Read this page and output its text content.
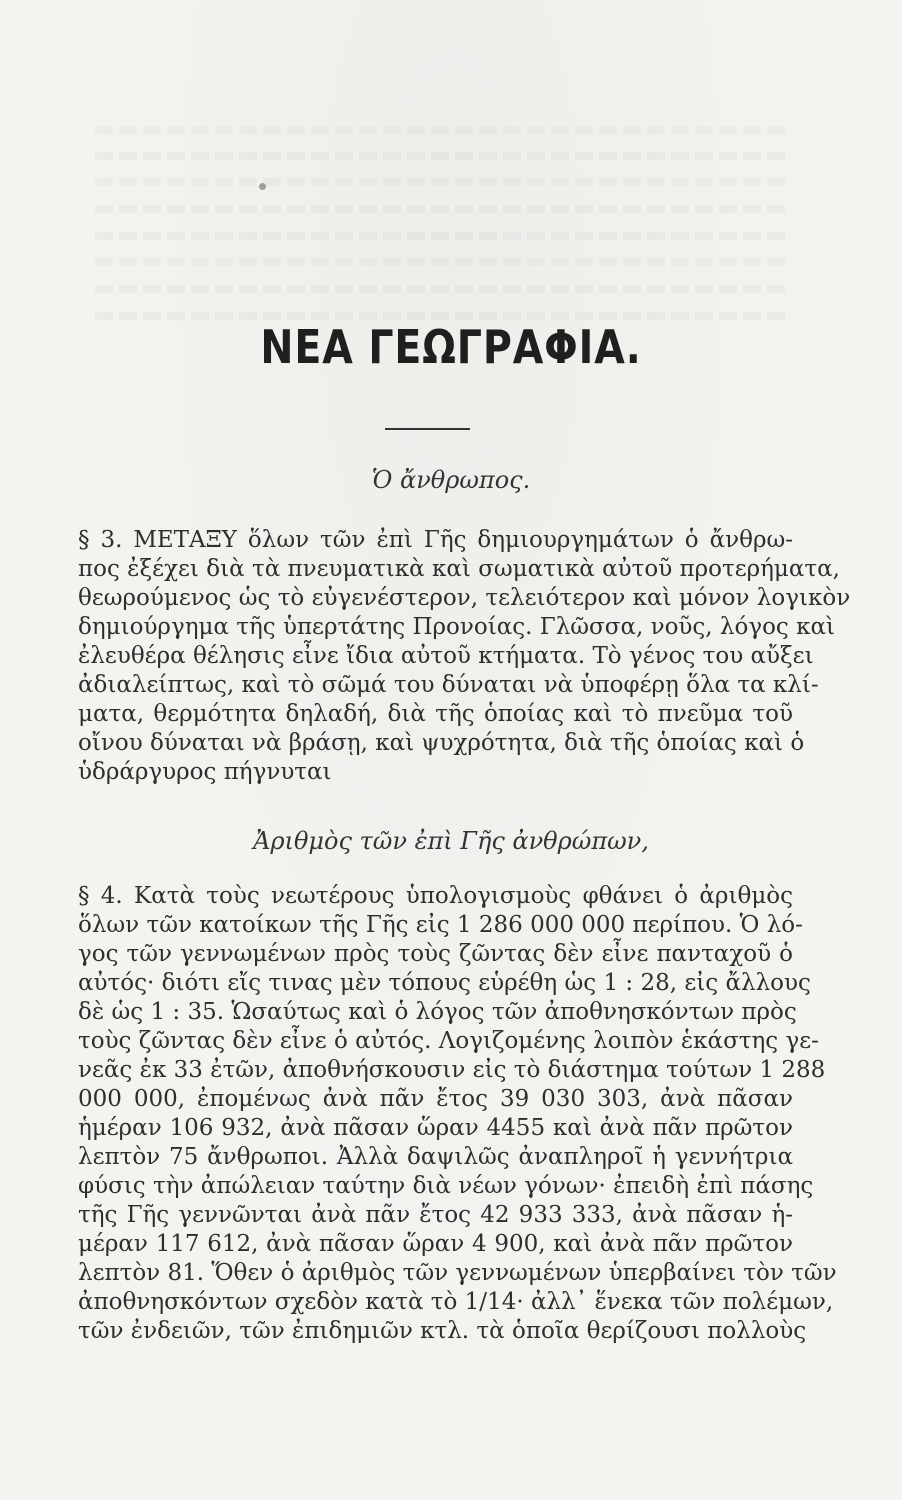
ΝΕΑ ΓΕΩΓΡΑΦΙΑ.
Ὁ ἄνθρωπος.
§ 3. ΜΕΤΑΞΥ ὅλων τῶν ἐπὶ Γῆς δημιουργημάτων ὁ ἄνθρω-
πος ἐξέχει διὰ τὰ πνευματικὰ καὶ σωματικὰ αὐτοῦ προτερήματα,
θεωρούμενος ὡς τὸ εὐγενέστερον, τελειότερον καὶ μόνον λογικὸν
δημιούργημα τῆς ὑπερτάτης Προνοίας. Γλῶσσα, νοῦς, λόγος καὶ
ἐλευθέρα θέλησις εἶνε ἴδια αὐτοῦ κτήματα. Τὸ γένος του αὔξει
ἀδιαλείπτως, καὶ τὸ σῶμά του δύναται νὰ ὑποφέρῃ ὅλα τα κλί-
ματα, θερμότητα δηλαδή, διὰ τῆς ὁποίας καὶ τὸ πνεῦμα τοῦ
οἴνου δύναται νὰ βράσῃ, καὶ ψυχρότητα, διὰ τῆς ὁποίας καὶ ὁ
ὑδράργυρος πήγνυται
Ἀριθμὸς τῶν ἐπὶ Γῆς ἀνθρώπων,
§ 4. Κατὰ τοὺς νεωτέρους ὑπολογισμοὺς φθάνει ὁ ἀριθμὸς
ὅλων τῶν κατοίκων τῆς Γῆς εἰς 1 286 000 000 περίπου. Ὁ λό-
γος τῶν γεννωμένων πρὸς τοὺς ζῶντας δὲν εἶνε πανταχοῦ ὁ
αὐτός· διότι εἴς τινας μὲν τόπους εὑρέθη ὡς 1 : 28, εἰς ἄλλους
δὲ ὡς 1 : 35. Ὡσαύτως καὶ ὁ λόγος τῶν ἀποθνησκόντων πρὸς
τοὺς ζῶντας δὲν εἶνε ὁ αὐτός. Λογιζομένης λοιπὸν ἑκάστης γε-
νεᾶς ἐκ 33 ἐτῶν, ἀποθνήσκουσιν εἰς τὸ διάστημα τούτων 1 288
000 000, ἐπομένως ἀνὰ πᾶν ἔτος 39 030 303, ἀνὰ πᾶσαν
ἡμέραν 106 932, ἀνὰ πᾶσαν ὥραν 4455 καὶ ἀνὰ πᾶν πρῶτον
λεπτὸν 75 ἄνθρωποι. Ἀλλὰ δαψιλῶς ἀναπληροῖ ἡ γεννήτρια
φύσις τὴν ἀπώλειαν ταύτην διὰ νέων γόνων· ἐπειδὴ ἐπὶ πάσης
τῆς Γῆς γεννῶνται ἀνὰ πᾶν ἔτος 42 933 333, ἀνὰ πᾶσαν ἡ-
μέραν 117 612, ἀνὰ πᾶσαν ὥραν 4 900, καὶ ἀνὰ πᾶν πρῶτον
λεπτὸν 81. Ὅθεν ὁ ἀριθμὸς τῶν γεννωμένων ὑπερβαίνει τὸν τῶν
ἀποθνησκόντων σχεδὸν κατὰ τὸ 1/14· ἀλλ᾽ ἕνεκα τῶν πολέμων,
τῶν ἐνδειῶν, τῶν ἐπιδημιῶν κτλ. τὰ ὁποῖα θερίζουσι πολλοὺς
